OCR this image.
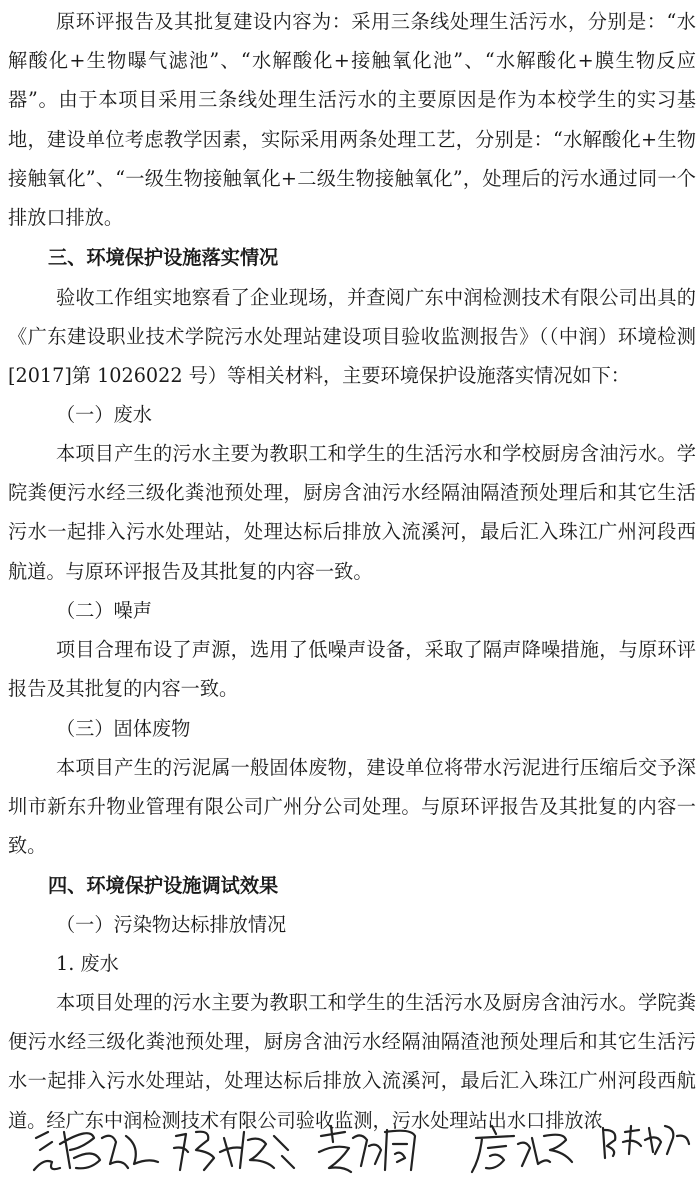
原环评报告及其批复建设内容为：采用三条线处理生活污水，分别是：“水解酸化+生物曝气滤池”、“水解酸化+接触氧化池”、“水解酸化+膜生物反应器”。由于本项目采用三条线处理生活污水的主要原因是作为本校学生的实习基地，建设单位考虑教学因素，实际采用两条处理工艺，分别是：“水解酸化+生物接触氧化”、“一级生物接触氧化+二级生物接触氧化”，处理后的污水通过同一个排放口排放。
三、环境保护设施落实情况
验收工作组实地察看了企业现场，并查阅广东中润检测技术有限公司出具的《广东建设职业技术学院污水处理站建设项目验收监测报告》（（中润）环境检测[2017]第 1026022 号）等相关材料，主要环境保护设施落实情况如下：
（一）废水
本项目产生的污水主要为教职工和学生的生活污水和学校厨房含油污水。学院粪便污水经三级化粪池预处理，厨房含油污水经隔油隔渣预处理后和其它生活污水一起排入污水处理站，处理达标后排放入流溪河，最后汇入珠江广州河段西航道。与原环评报告及其批复的内容一致。
（二）噪声
项目合理布设了声源，选用了低噪声设备，采取了隔声降噪措施，与原环评报告及其批复的内容一致。
（三）固体废物
本项目产生的污泥属一般固体废物，建设单位将带水污泥进行压缩后交予深圳市新东升物业管理有限公司广州分公司处理。与原环评报告及其批复的内容一致。
四、环境保护设施调试效果
（一）污染物达标排放情况
1. 废水
本项目处理的污水主要为教职工和学生的生活污水及厨房含油污水。学院粪便污水经三级化粪池预处理，厨房含油污水经隔油隔渣池预处理后和其它生活污水一起排入污水处理站，处理达标后排放入流溪河，最后汇入珠江广州河段西航道。经广东中润检测技术有限公司验收监测，污水处理站出水口排放浓
